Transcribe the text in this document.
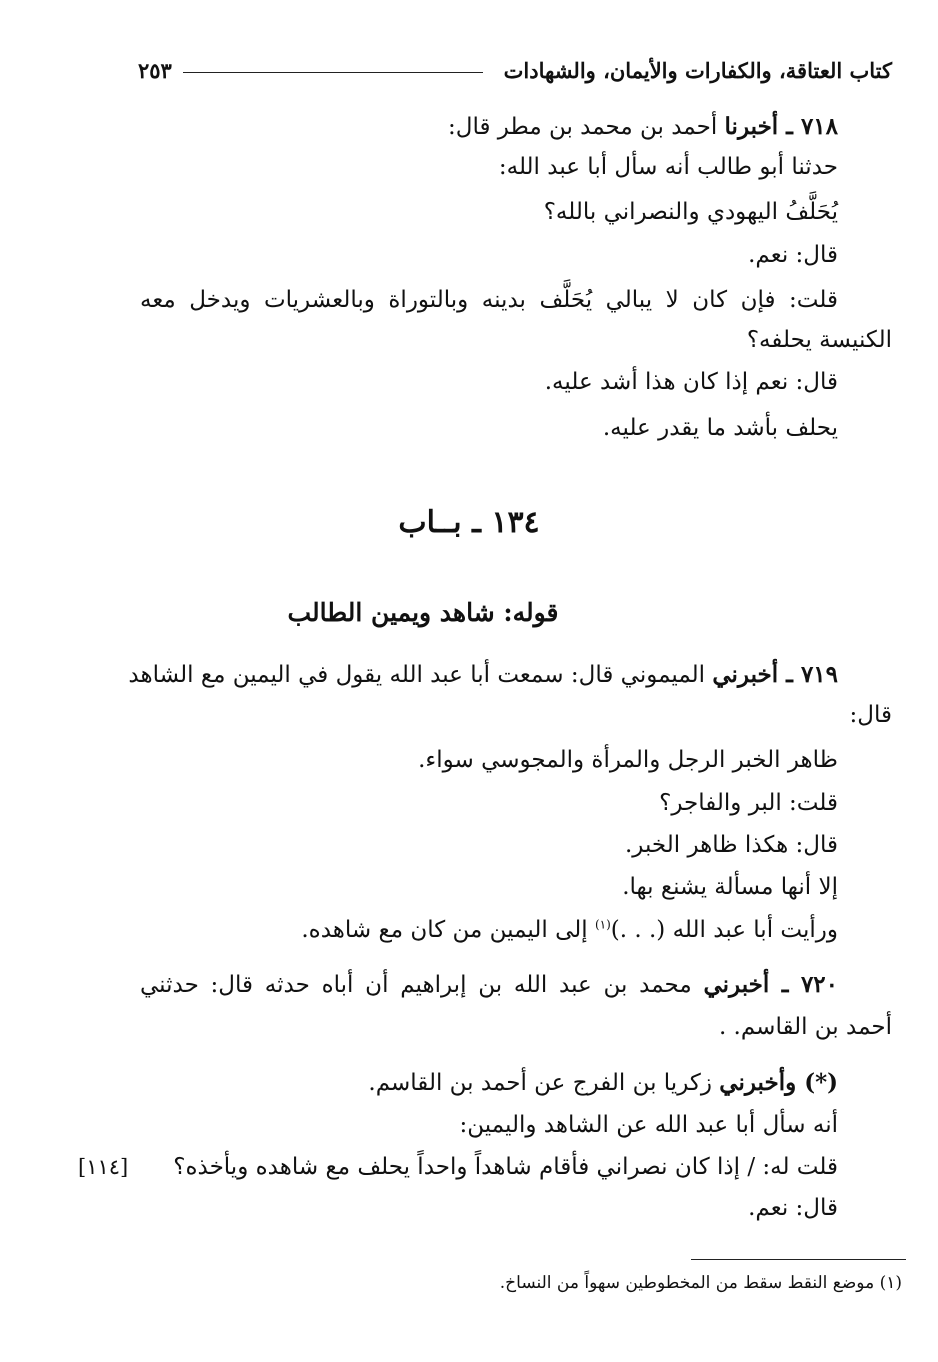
كتاب العتاقة، والكفارات والأيمان، والشهادات
٢٥٣
٧١٨ ـ أخبرنا أحمد بن محمد بن مطر قال:
حدثنا أبو طالب أنه سأل أبا عبد الله:
يُحَلَّفُ اليهودي والنصراني بالله؟
قال: نعم.
قلت: فإن كان لا يبالي يُحَلَّف بدينه وبالتوراة وبالعشريات ويدخل معه
الكنيسة يحلفه؟
قال: نعم إذا كان هذا أشد عليه.
يحلف بأشد ما يقدر عليه.
١٣٤ ـ بــاب
قوله: شاهد ويمين الطالب
٧١٩ ـ أخبرني الميموني قال: سمعت أبا عبد الله يقول في اليمين مع الشاهد
قال:
ظاهر الخبر الرجل والمرأة والمجوسي سواء.
قلت: البر والفاجر؟
قال: هكذا ظاهر الخبر.
إلا أنها مسألة يشنع بها.
ورأيت أبا عبد الله (. . .)$^{(١)}$ إلى اليمين من كان مع شاهده.
٧٢٠ ـ أخبرني محمد بن عبد الله بن إبراهيم أن أباه حدثه قال: حدثني
أحمد بن القاسم. .
(*) وأخبرني زكريا بن الفرج عن أحمد بن القاسم.
أنه سأل أبا عبد الله عن الشاهد واليمين:
قلت له: / إذا كان نصراني فأقام شاهداً واحداً يحلف مع شاهده ويأخذه؟
[١١٤]
قال: نعم.
(١) موضع النقط سقط من المخطوطين سهواً من النساخ.
